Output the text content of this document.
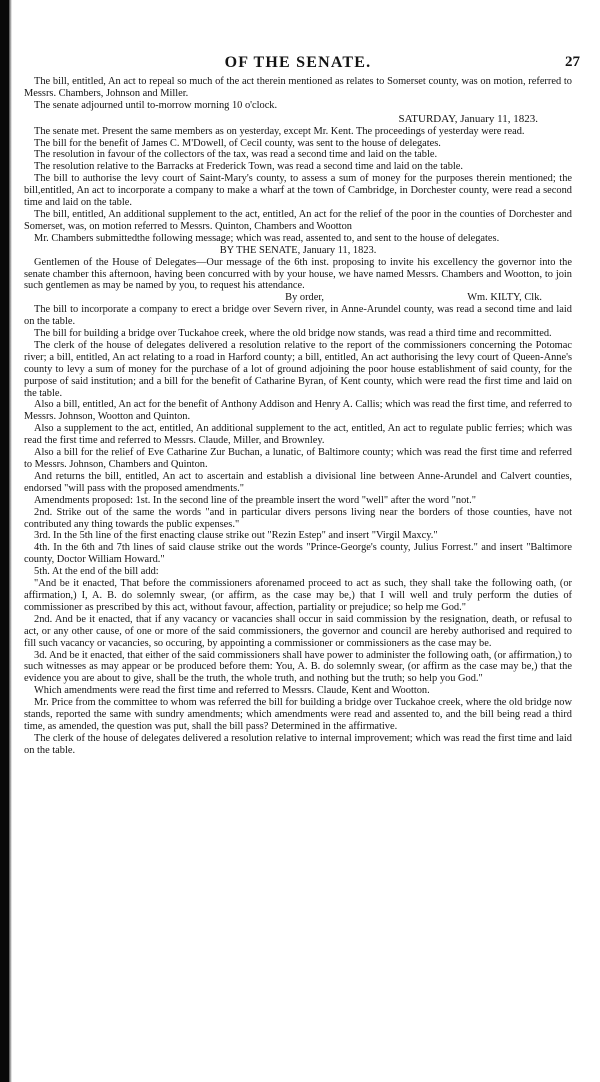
OF THE SENATE.	27

The bill, entitled, An act to repeal so much of the act therein mentioned as relates to Somerset county, was on motion, referred to Messrs. Chambers, Johnson and Miller.

The senate adjourned until to-morrow morning 10 o'clock.

SATURDAY, January 11, 1823.

The senate met. Present the same members as on yesterday, except Mr. Kent. The proceedings of yesterday were read.

The bill for the benefit of James C. M'Dowell, of Cecil county, was sent to the house of delegates.

The resolution in favour of the collectors of the tax, was read a second time and laid on the table.

The resolution relative to the Barracks at Frederick Town, was read a second time and laid on the table.

The bill to authorise the levy court of Saint-Mary's county, to assess a sum of money for the purposes therein mentioned; the bill,entitled, An act to incorporate a company to make a wharf at the town of Cambridge, in Dorchester county, were read a second time and laid on the table.

The bill, entitled, An additional supplement to the act, entitled, An act for the relief of the poor in the counties of Dorchester and Somerset, was, on motion referred to Messrs. Quinton, Chambers and Wootton

Mr. Chambers submittedthe following message; which was read, assented to, and sent to the house of delegates.

BY THE SENATE, January 11, 1823.

Gentlemen of the House of Delegates—Our message of the 6th inst. proposing to invite his excellency the governor into the senate chamber this afternoon, having been concurred with by your house, we have named Messrs. Chambers and Wootton, to join such gentlemen as may be named by you, to request his attendance.

By order,	Wm. KILTY, Clk.

The bill to incorporate a company to erect a bridge over Severn river, in Anne-Arundel county, was read a second time and laid on the table.

The bill for building a bridge over Tuckahoe creek, where the old bridge now stands, was read a third time and recommitted.

The clerk of the house of delegates delivered a resolution relative to the report of the commissioners concerning the Potomac river; a bill, entitled, An act relating to a road in Harford county; a bill, entitled, An act authorising the levy court of Queen-Anne's county to levy a sum of money for the purchase of a lot of ground adjoining the poor house establishment of said county, for the purpose of said institution; and a bill for the benefit of Catharine Byran, of Kent county, which were read the first time and laid on the table.

Also a bill, entitled, An act for the benefit of Anthony Addison and Henry A. Callis; which was read the first time, and referred to Messrs. Johnson, Wootton and Quinton.

Also a supplement to the act, entitled, An additional supplement to the act, entitled, An act to regulate public ferries; which was read the first time and referred to Messrs. Claude, Miller, and Brownley.

Also a bill for the relief of Eve Catharine Zur Buchan, a lunatic, of Baltimore county; which was read the first time and referred to Messrs. Johnson, Chambers and Quinton.

And returns the bill, entitled, An act to ascertain and establish a divisional line between Anne-Arundel and Calvert counties, endorsed "will pass with the proposed amendments."

Amendments proposed: 1st. In the second line of the preamble insert the word "well" after the word "not."

2nd. Strike out of the same the words "and in particular divers persons living near the borders of those counties, have not contributed any thing towards the public expenses."

3rd. In the 5th line of the first enacting clause strike out "Rezin Estep" and insert "Virgil Maxcy."

4th. In the 6th and 7th lines of said clause strike out the words "Prince-George's county, Julius Forrest." and insert "Baltimore county, Doctor William Howard."

5th. At the end of the bill add:

"And be it enacted, That before the commissioners aforenamed proceed to act as such, they shall take the following oath, (or affirmation,) I, A. B. do solemnly swear, (or affirm, as the case may be,) that I will well and truly perform the duties of commissioner as prescribed by this act, without favour, affection, partiality or prejudice; so help me God."

2nd. And be it enacted, that if any vacancy or vacancies shall occur in said commission by the resignation, death, or refusal to act, or any other cause, of one or more of the said commissioners, the governor and council are hereby authorised and required to fill such vacancy or vacancies, so occuring, by appointing a commissioner or commissioners as the case may be.

3d. And be it enacted, that either of the said commissioners shall have power to administer the following oath, (or affirmation,) to such witnesses as may appear or be produced before them: You, A. B. do solemnly swear, (or affirm as the case may be,) that the evidence you are about to give, shall be the truth, the whole truth, and nothing but the truth; so help you God."

Which amendments were read the first time and referred to Messrs. Claude, Kent and Wootton.

Mr. Price from the committee to whom was referred the bill for building a bridge over Tuckahoe creek, where the old bridge now stands, reported the same with sundry amendments; which amendments were read and assented to, and the bill being read a third time, as amended, the question was put, shall the bill pass? Determined in the affirmative.

The clerk of the house of delegates delivered a resolution relative to internal improvement; which was read the first time and laid on the table.
